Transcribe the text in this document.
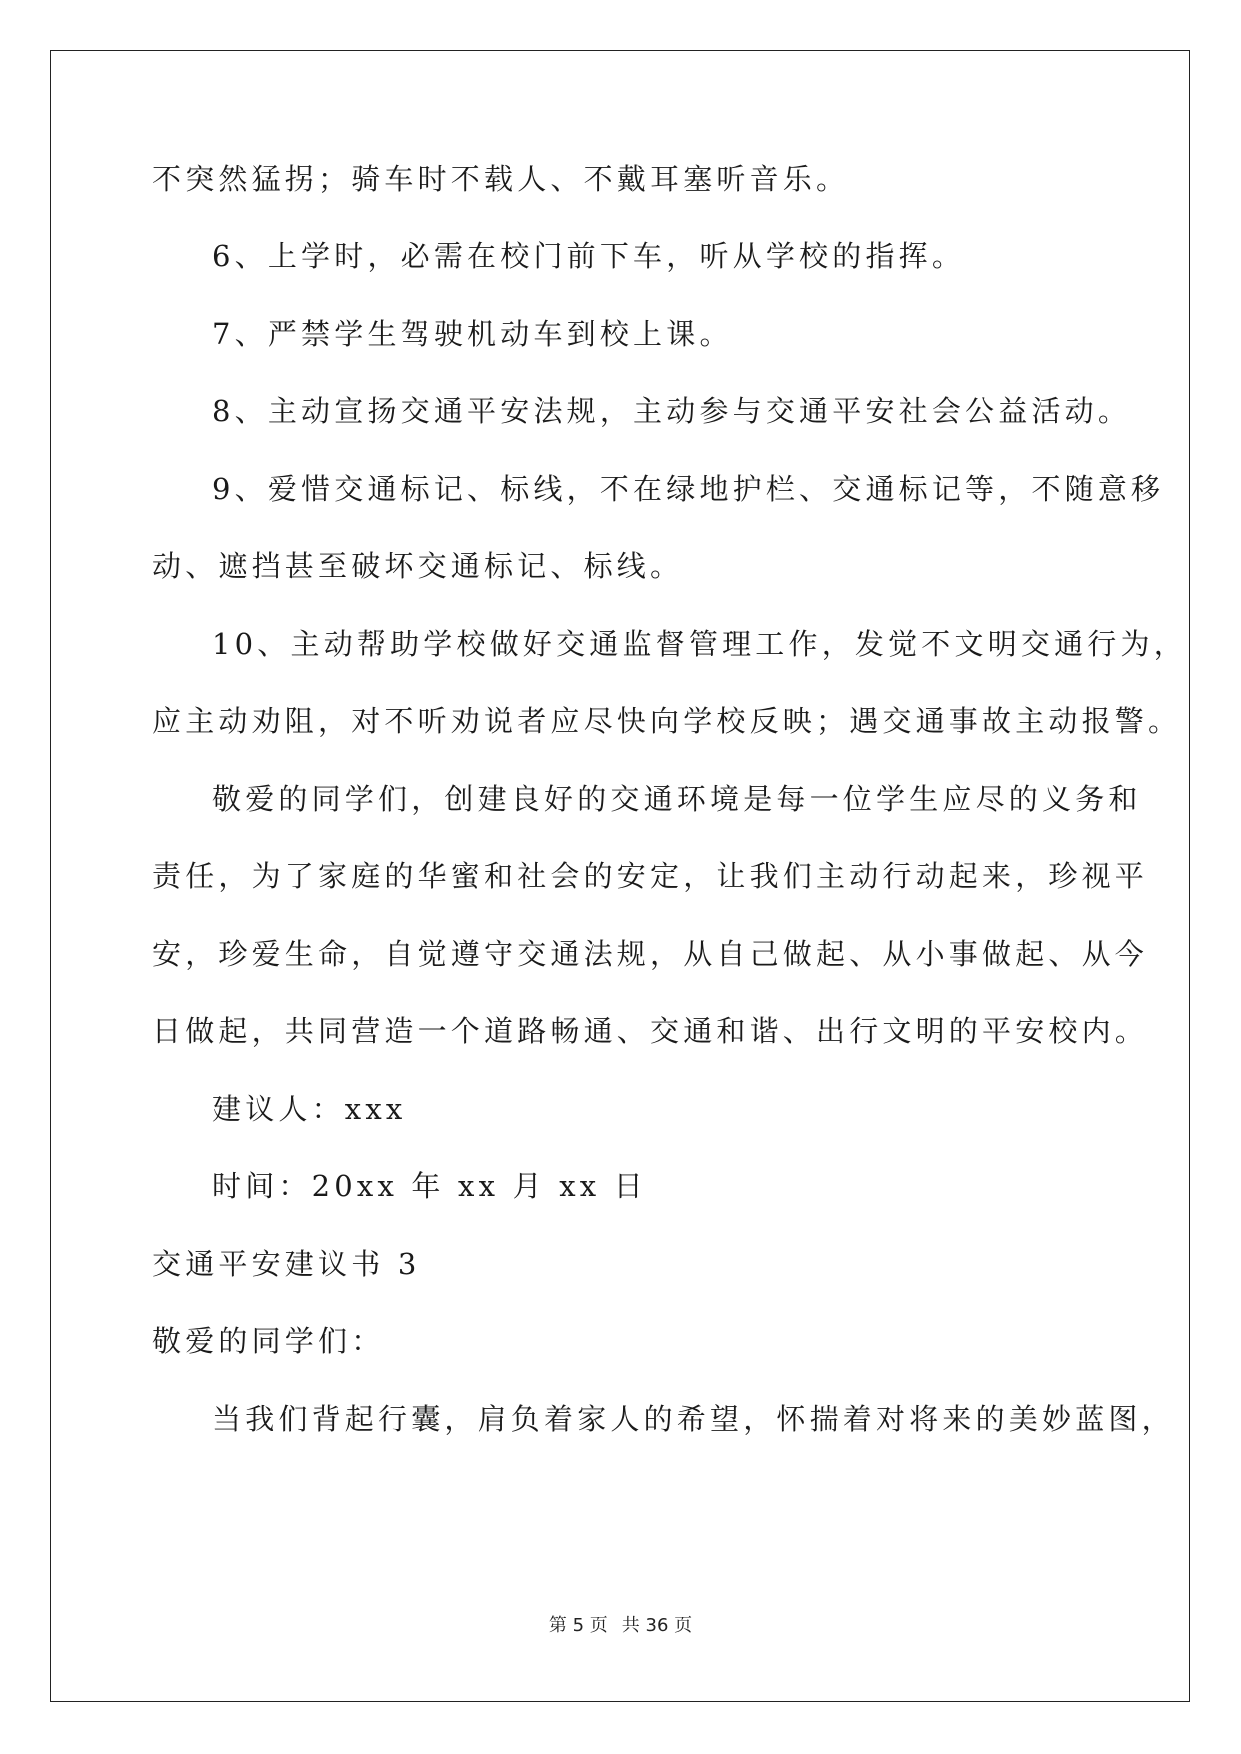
不突然猛拐；骑车时不载人、不戴耳塞听音乐。
6、上学时，必需在校门前下车，听从学校的指挥。
7、严禁学生驾驶机动车到校上课。
8、主动宣扬交通平安法规，主动参与交通平安社会公益活动。
9、爱惜交通标记、标线，不在绿地护栏、交通标记等，不随意移
动、遮挡甚至破坏交通标记、标线。
10、主动帮助学校做好交通监督管理工作，发觉不文明交通行为，
应主动劝阻，对不听劝说者应尽快向学校反映；遇交通事故主动报警。
敬爱的同学们，创建良好的交通环境是每一位学生应尽的义务和
责任，为了家庭的华蜜和社会的安定，让我们主动行动起来，珍视平
安，珍爱生命，自觉遵守交通法规，从自己做起、从小事做起、从今
日做起，共同营造一个道路畅通、交通和谐、出行文明的平安校内。
建议人：xxx
时间：20xx 年 xx 月 xx 日
交通平安建议书 3
敬爱的同学们：
当我们背起行囊，肩负着家人的希望，怀揣着对将来的美妙蓝图，
第 5 页 共 36 页
